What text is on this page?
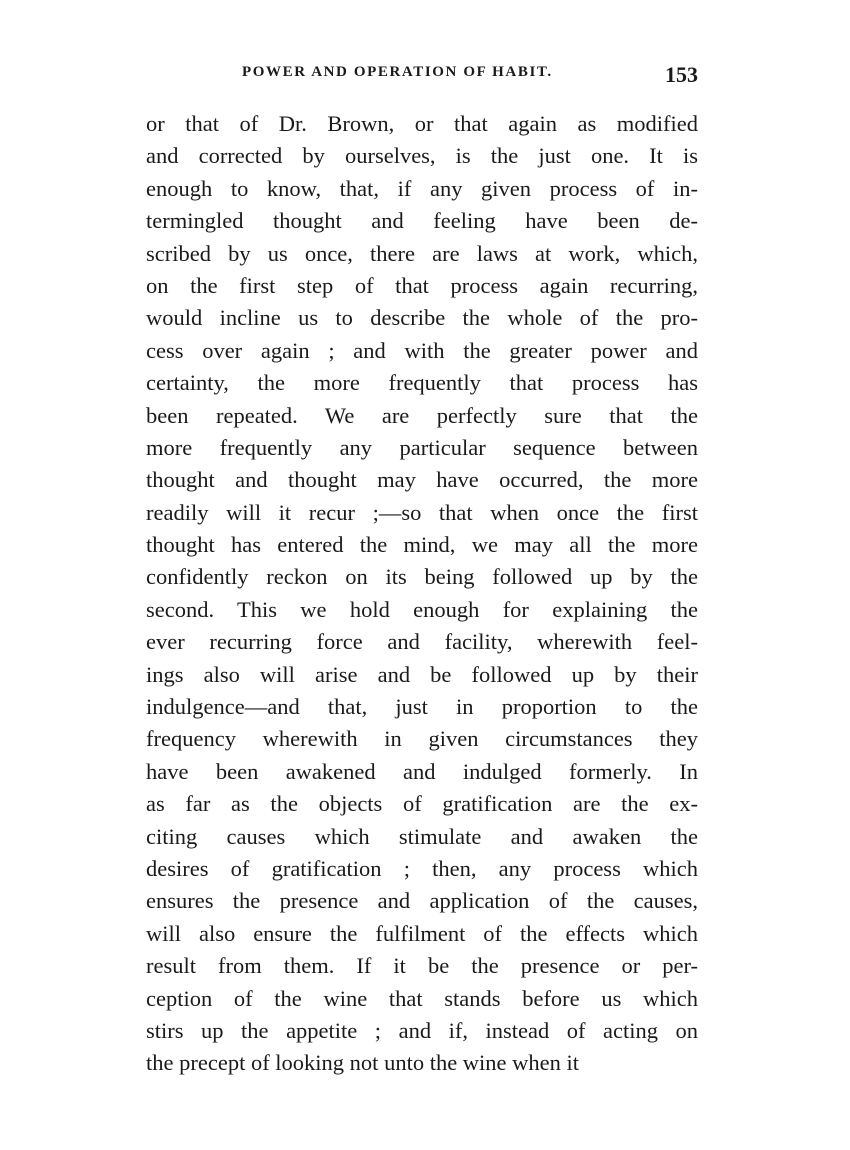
POWER AND OPERATION OF HABIT.	153
or that of Dr. Brown, or that again as modified
and corrected by ourselves, is the just one. It is
enough to know, that, if any given process of in-
termingled thought and feeling have been de-
scribed by us once, there are laws at work, which,
on the first step of that process again recurring,
would incline us to describe the whole of the pro-
cess over again ; and with the greater power and
certainty, the more frequently that process has
been repeated. We are perfectly sure that the
more frequently any particular sequence between
thought and thought may have occurred, the more
readily will it recur ;—so that when once the first
thought has entered the mind, we may all the more
confidently reckon on its being followed up by the
second. This we hold enough for explaining the
ever recurring force and facility, wherewith feel-
ings also will arise and be followed up by their
indulgence—and that, just in proportion to the
frequency wherewith in given circumstances they
have been awakened and indulged formerly. In
as far as the objects of gratification are the ex-
citing causes which stimulate and awaken the
desires of gratification ; then, any process which
ensures the presence and application of the causes,
will also ensure the fulfilment of the effects which
result from them. If it be the presence or per-
ception of the wine that stands before us which
stirs up the appetite ; and if, instead of acting on
the precept of looking not unto the wine when it
